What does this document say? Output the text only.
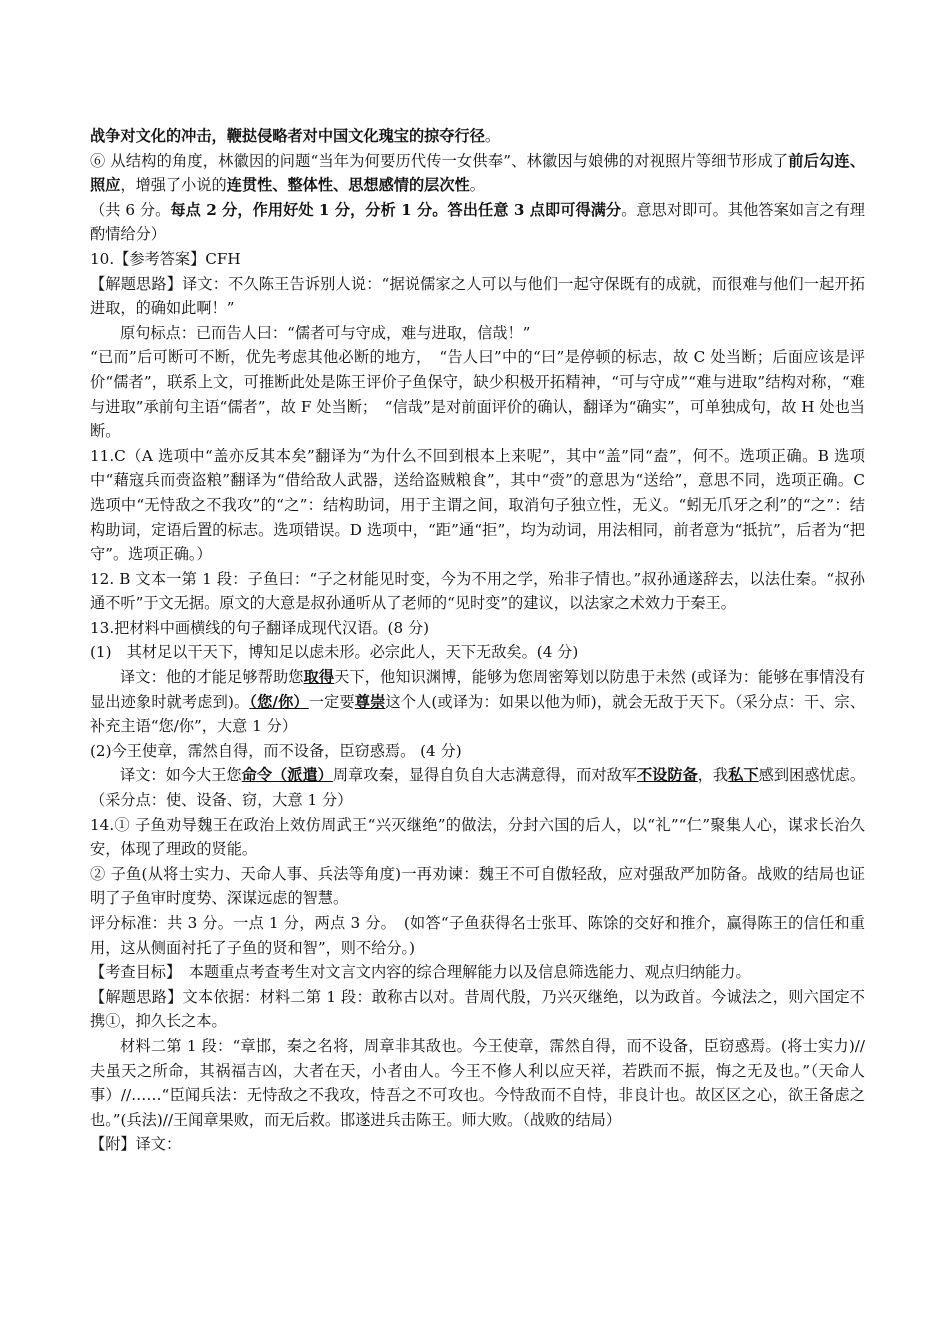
战争对文化的冲击，鞭挞侵略者对中国文化瑰宝的掠夺行径。

⑥ 从结构的角度，林徽因的问题“当年为何要历代传一女供奉”、林徽因与娘佛的对视照片等细节形成了前后勾连、照应，增强了小说的连贯性、整体性、思想感情的层次性。

（共 6 分。每点 2 分，作用好处 1 分，分析 1 分。答出任意 3 点即可得满分。意思对即可。其他答案如言之有理酌情给分）

10.【参考答案】CFH

【解题思路】译文：不久陈王告诉别人说：“据说儒家之人可以与他们一起守保既有的成就，而很难与他们一起开拓进取，的确如此啊！”

原句标点：已而告人曰：“儒者可与守成，难与进取，信哉！”

“已而”后可断可不断，优先考虑其他必断的地方，　“告人曰”中的“曰”是停顿的标志，故 C 处当断；后面应该是评价“儒者”，联系上文，可推断此处是陈王评价子鱼保守，缺少积极开拓精神，“可与守成”“难与进取”结构对称，“难与进取”承前句主语“儒者”，故 F 处当断；　“信哉”是对前面评价的确认，翻译为“确实”，可单独成句，故 H 处也当断。

11.C（A 选项中“盖亦反其本矣”翻译为“为什么不回到根本上来呢”，其中“盖”同“盍”，何不。选项正确。B 选项中“藉寇兵而赍盗粮”翻译为“借给敌人武器，送给盗贼粮食”，其中“赍”的意思为“送给”，意思不同，选项正确。C 选项中“无恃敌之不我攻”的“之”：结构助词，用于主谓之间，取消句子独立性，无义。“蚓无爪牙之利”的“之”：结构助词，定语后置的标志。选项错误。D 选项中，“距”通“拒”，均为动词，用法相同，前者意为“抵抗”，后者为“把守”。选项正确。）

12. B 文本一第 1 段：子鱼曰：“子之材能见时变，今为不用之学，殆非子情也。”叔孙通遂辞去，以法仕秦。“叔孙通不听”于文无据。原文的大意是叔孙通听从了老师的“见时变”的建议，以法家之术效力于秦王。

13.把材料中画横线的句子翻译成现代汉语。(8 分)

(1)　其材足以干天下，博知足以虑未形。必宗此人，天下无敌矣。(4 分)

译文：他的才能足够帮助您取得天下，他知识渊博，能够为您周密筹划以防患于未然 (或译为：能够在事情没有显出迹象时就考虑到)。（您/你）一定要尊崇这个人(或译为：如果以他为师)，就会无敌于天下。（采分点：干、宗、补充主语“您/你”，大意 1 分）

(2)今王使章，霈然自得，而不设备，臣窃惑焉。 (4 分)

译文：如今大王您命令（派遣）周章攻秦，显得自负自大志满意得，而对敌军不设防备，我私下感到困惑忧虑。（采分点：使、设备、窃，大意 1 分）

14.① 子鱼劝导魏王在政治上效仿周武王“兴灭继绝”的做法，分封六国的后人，以“礼”“仁”聚集人心，谋求长治久安，体现了理政的贤能。

② 子鱼(从将士实力、天命人事、兵法等角度)一再劝谏：魏王不可自傲轻敌，应对强敌严加防备。战败的结局也证明了子鱼审时度势、深谋远虑的智慧。

评分标准：共 3 分。一点 1 分，两点 3 分。　(如答“子鱼获得名士张耳、陈馀的交好和推介，赢得陈王的信任和重用，这从侧面衬托了子鱼的贤和智”，则不给分。)

【考查目标】　本题重点考查考生对文言文内容的综合理解能力以及信息筛选能力、观点归纳能力。

【解题思路】文本依据：材料二第 1 段：敢称古以对。昔周代殷，乃兴灭继绝，以为政首。今诚法之，则六国定不携①，抑久长之本。

材料二第 1 段：“章邯，秦之名将，周章非其敌也。今王使章，霈然自得，而不设备，臣窃惑焉。(将士实力)//夫虽天之所命，其祸福吉凶，大者在天，小者由人。今王不修人利以应天祥，若跌而不振，悔之无及也。”（天命人事）//……“臣闻兵法：无恃敌之不我攻，恃吾之不可攻也。今恃敌而不自恃，非良计也。故区区之心，欲王备虑之也。”(兵法)//王闻章果败，而无后救。邯遂进兵击陈王。师大败。（战败的结局）

【附】译文：
